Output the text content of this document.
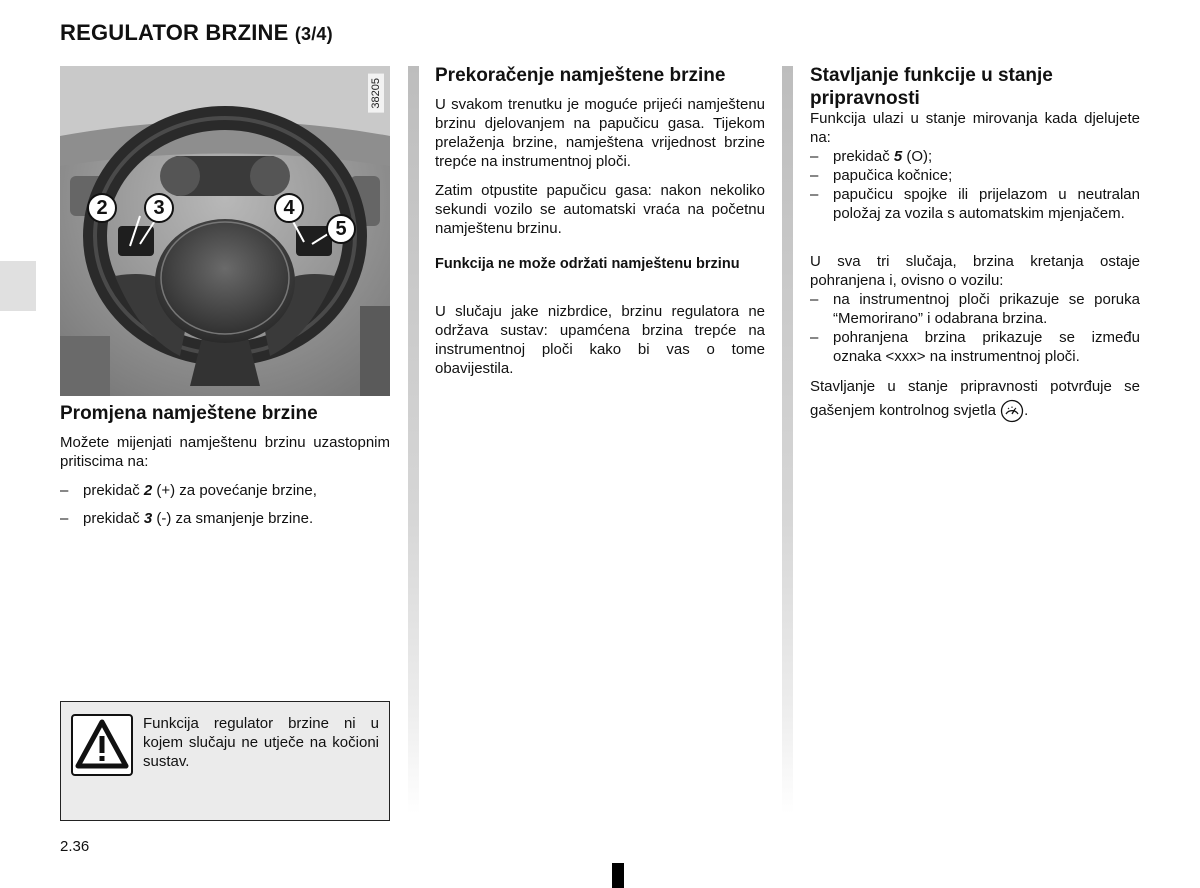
REGULATOR BRZINE (3/4)
38205
2	3	4
5
Promjena namještene brzine
Možete mijenjati namještenu brzinu uzastopnim pritiscima na:
– prekidač 2 (+) za povećanje brzine,
– prekidač 3 (-) za smanjenje brzine.
Funkcija regulator brzine ni u kojem slučaju ne utječe na kočioni sustav.
Prekoračenje namještene brzine
U svakom trenutku je moguće prijeći namještenu brzinu djelovanjem na papučicu gasa. Tijekom prelaženja brzine, namještena vrijednost brzine trepće na instrumentnoj ploči.
Zatim otpustite papučicu gasa: nakon nekoliko sekundi vozilo se automatski vraća na početnu namještenu brzinu.
Funkcija ne može održati namještenu brzinu
U slučaju jake nizbrdice, brzinu regulatora ne održava sustav: upamćena brzina trepće na instrumentnoj ploči kako bi vas o tome obavijestila.
Stavljanje funkcije u stanje pripravnosti
Funkcija ulazi u stanje mirovanja kada djelujete na:
– prekidač 5 (O);
– papučica kočnice;
– papučicu spojke ili prijelazom u neutralan položaj za vozila s automatskim mjenjačem.
U sva tri slučaja, brzina kretanja ostaje pohranjena i, ovisno o vozilu:
– na instrumentnoj ploči prikazuje se poruka “Memorirano” i odabrana brzina.
– pohranjena brzina prikazuje se između oznaka <xxx> na instrumentnoj ploči.
Stavljanje u stanje pripravnosti potvrđuje se gašenjem kontrolnog svjetla .
2.36
